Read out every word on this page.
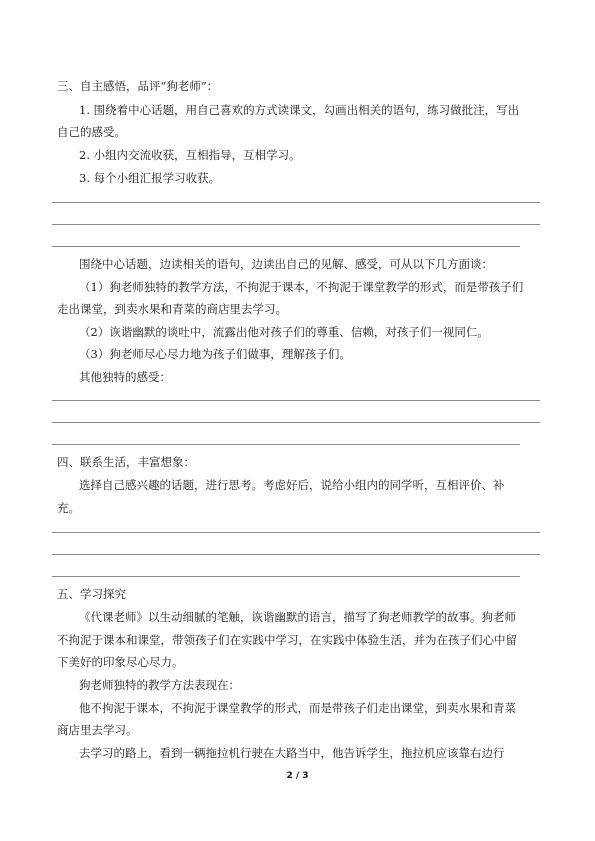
三、自主感悟，品评“狗老师”：
1. 围绕着中心话题，用自己喜欢的方式读课文，勾画出相关的语句，练习做批注，写出
自己的感受。
2. 小组内交流收获，互相指导，互相学习。
3. 每个小组汇报学习收获。
围绕中心话题，边读相关的语句，边读出自己的见解、感受，可从以下几方面谈：
（1）狗老师独特的教学方法，不拘泥于课本，不拘泥于课堂教学的形式，而是带孩子们
走出课堂，到卖水果和青菜的商店里去学习。
（2）诙谐幽默的谈吐中，流露出他对孩子们的尊重、信赖，对孩子们一视同仁。
（3）狗老师尽心尽力地为孩子们做事，理解孩子们。
其他独特的感受：
四、联系生活，丰富想象：
选择自己感兴趣的话题，进行思考。考虑好后，说给小组内的同学听，互相评价、补
充。
五、学习探究
《代课老师》以生动细腻的笔触，诙谐幽默的语言，描写了狗老师教学的故事。狗老师
不拘泥于课本和课堂，带领孩子们在实践中学习，在实践中体验生活，并为在孩子们心中留
下美好的印象尽心尽力。
狗老师独特的教学方法表现在：
他不拘泥于课本，不拘泥于课堂教学的形式，而是带孩子们走出课堂，到卖水果和青菜
商店里去学习。
去学习的路上，看到一辆拖拉机行驶在大路当中，他告诉学生，拖拉机应该靠右边行
2 / 3
